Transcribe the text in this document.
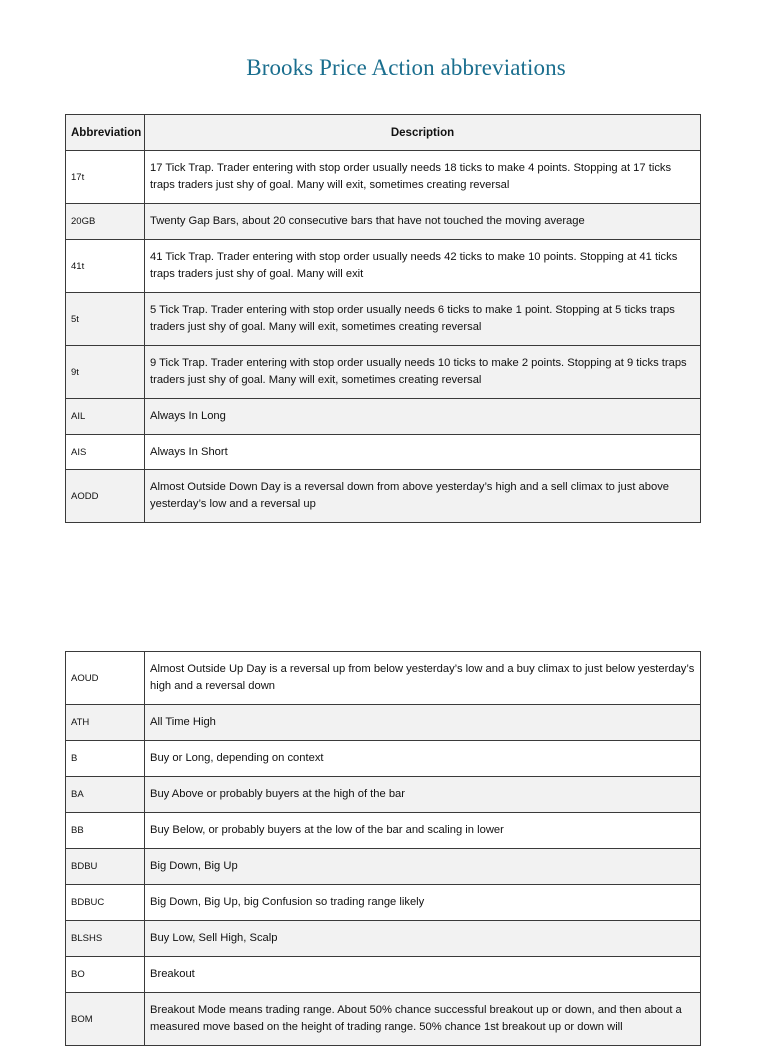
Brooks Price Action abbreviations
Abbreviation	Description
17t	17 Tick Trap. Trader entering with stop order usually needs 18 ticks to make 4 points. Stopping at 17 ticks traps traders just shy of goal. Many will exit, sometimes creating reversal
20GB	Twenty Gap Bars, about 20 consecutive bars that have not touched the moving average
41t	41 Tick Trap. Trader entering with stop order usually needs 42 ticks to make 10 points. Stopping at 41 ticks traps traders just shy of goal. Many will exit
5t	5 Tick Trap. Trader entering with stop order usually needs 6 ticks to make 1 point. Stopping at 5 ticks traps traders just shy of goal. Many will exit, sometimes creating reversal
9t	9 Tick Trap. Trader entering with stop order usually needs 10 ticks to make 2 points. Stopping at 9 ticks traps traders just shy of goal. Many will exit, sometimes creating reversal
AIL	Always In Long
AIS	Always In Short
AODD	Almost Outside Down Day is a reversal down from above yesterday’s high and a sell climax to just above yesterday’s low and a reversal up
AOUD	Almost Outside Up Day is a reversal up from below yesterday’s low and a buy climax to just below yesterday’s high and a reversal down
ATH	All Time High
B	Buy or Long, depending on context
BA	Buy Above or probably buyers at the high of the bar
BB	Buy Below, or probably buyers at the low of the bar and scaling in lower
BDBU	Big Down, Big Up
BDBUC	Big Down, Big Up, big Confusion so trading range likely
BLSHS	Buy Low, Sell High, Scalp
BO	Breakout
BOM	Breakout Mode means trading range. About 50% chance successful breakout up or down, and then about a measured move based on the height of trading range. 50% chance 1st breakout up or down will
